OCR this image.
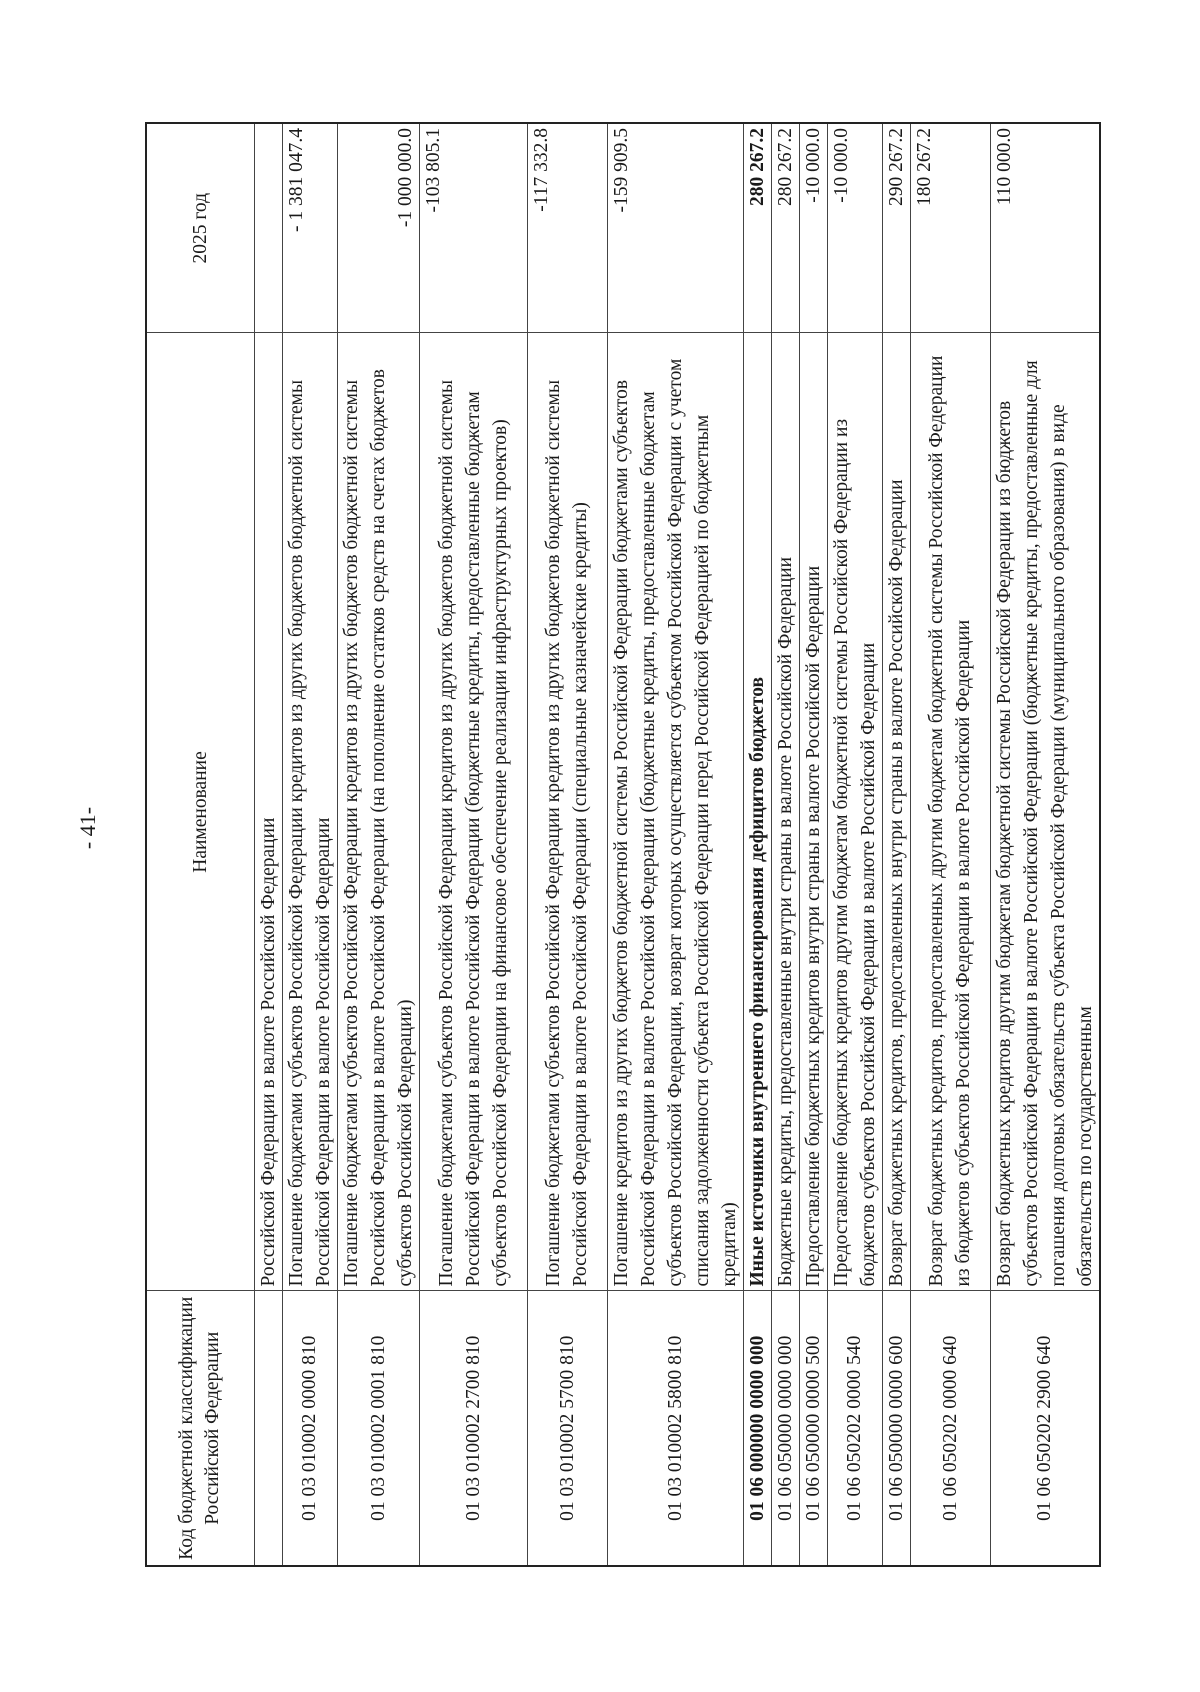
- 41-
Код бюджетной классификации Российской Федерации	Наименование	2025 год
	Российской Федерации в валюте Российской Федерации	
01 03 010002 0000 810	Погашение бюджетами субъектов Российской Федерации кредитов из других бюджетов бюджетной системы Российской Федерации в валюте Российской Федерации	- 1 381 047.4
01 03 010002 0001 810	Погашение бюджетами субъектов Российской Федерации кредитов из других бюджетов бюджетной системы Российской Федерации в валюте Российской Федерации (на пополнение остатков средств на счетах бюджетов субъектов Российской Федерации)	-1 000 000.0
01 03 010002 2700 810	Погашение бюджетами субъектов Российской Федерации кредитов из других бюджетов бюджетной системы Российской Федерации в валюте Российской Федерации (бюджетные кредиты, предоставленные бюджетам субъектов Российской Федерации на финансовое обеспечение реализации инфраструктурных проектов)	-103 805.1
01 03 010002 5700 810	Погашение бюджетами субъектов Российской Федерации кредитов из других бюджетов бюджетной системы Российской Федерации в валюте Российской Федерации (специальные казначейские кредиты)	-117 332.8
01 03 010002 5800 810	Погашение кредитов из других бюджетов бюджетной системы Российской Федерации бюджетами субъектов Российской Федерации в валюте Российской Федерации (бюджетные кредиты, предоставленные бюджетам субъектов Российской Федерации, возврат которых осуществляется субъектом Российской Федерации с учетом списания задолженности субъекта Российской Федерации перед Российской Федерацией по бюджетным кредитам)	-159 909.5
01 06 000000 0000 000	Иные источники внутреннего финансирования дефицитов бюджетов	280 267.2
01 06 050000 0000 000	Бюджетные кредиты, предоставленные внутри страны в валюте Российской Федерации	280 267.2
01 06 050000 0000 500	Предоставление бюджетных кредитов внутри страны в валюте Российской Федерации	-10 000.0
01 06 050202 0000 540	Предоставление бюджетных кредитов другим бюджетам бюджетной системы Российской Федерации из бюджетов субъектов Российской Федерации в валюте Российской Федерации	-10 000.0
01 06 050000 0000 600	Возврат бюджетных кредитов, предоставленных внутри страны в валюте Российской Федерации	290 267.2
01 06 050202 0000 640	Возврат бюджетных кредитов, предоставленных другим бюджетам бюджетной системы Российской Федерации из бюджетов субъектов Российской Федерации в валюте Российской Федерации	180 267.2
01 06 050202 2900 640	Возврат бюджетных кредитов другим бюджетам бюджетной системы Российской Федерации из бюджетов субъектов Российской Федерации в валюте Российской Федерации (бюджетные кредиты, предоставленные для погашения долговых обязательств субъекта Российской Федерации (муниципального образования) в виде обязательств по государственным	110 000.0
